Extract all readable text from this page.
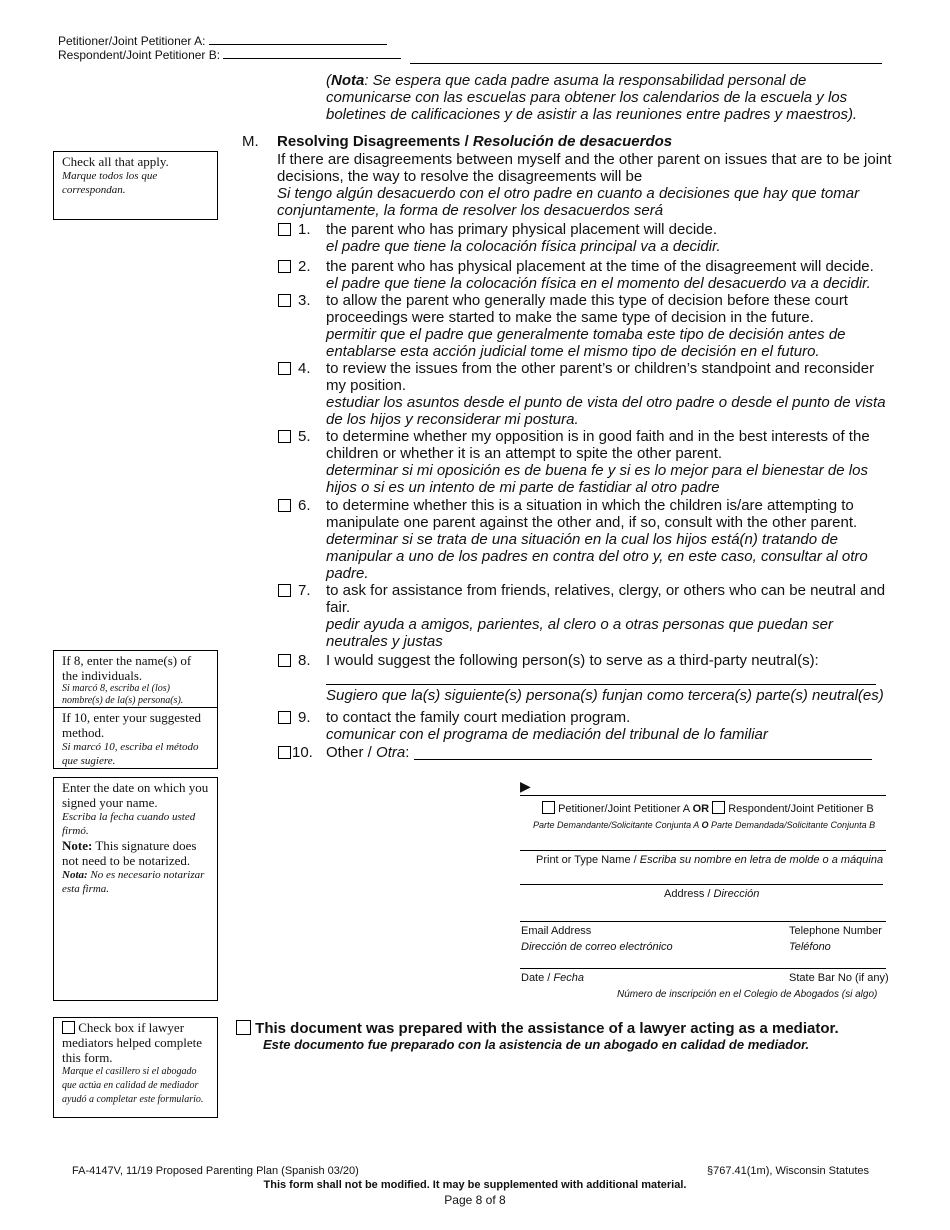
Petitioner/Joint Petitioner A:
Respondent/Joint Petitioner B:
(Nota: Se espera que cada padre asuma la responsabilidad personal de comunicarse con las escuelas para obtener los calendarios de la escuela y los boletines de calificaciones y de asistir a las reuniones entre padres y maestros).
Check all that apply.
Marque todos los que correspondan.
If 8, enter the name(s) of the individuals.
Si marcó 8, escriba el (los) nombre(s) de la(s) persona(s).
If 10, enter your suggested method.
Si marcó 10, escriba el método que sugiere.
Enter the date on which you signed your name.
Escriba la fecha cuando usted firmó.
Note: This signature does not need to be notarized.
Nota: No es necesario notarizar esta firma.
Check box if lawyer mediators helped complete this form.
Marque el casillero si el abogado que actúa en calidad de mediador ayudó a completar este formulario.
M. Resolving Disagreements / Resolución de desacuerdos
If there are disagreements between myself and the other parent on issues that are to be joint decisions, the way to resolve the disagreements will be
Si tengo algún desacuerdo con el otro padre en cuanto a decisiones que hay que tomar conjuntamente, la forma de resolver los desacuerdos será
1. the parent who has primary physical placement will decide.
el padre que tiene la colocación física principal va a decidir.
2. the parent who has physical placement at the time of the disagreement will decide.
el padre que tiene la colocación física en el momento del desacuerdo va a decidir.
3. to allow the parent who generally made this type of decision before these court proceedings were started to make the same type of decision in the future.
permitir que el padre que generalmente tomaba este tipo de decisión antes de entablarse esta acción judicial tome el mismo tipo de decisión en el futuro.
4. to review the issues from the other parent’s or children’s standpoint and reconsider my position.
estudiar los asuntos desde el punto de vista del otro padre o desde el punto de vista de los hijos y reconsiderar mi postura.
5. to determine whether my opposition is in good faith and in the best interests of the children or whether it is an attempt to spite the other parent.
determinar si mi oposición es de buena fe y si es lo mejor para el bienestar de los hijos o si es un intento de mi parte de fastidiar al otro padre
6. to determine whether this is a situation in which the children is/are attempting to manipulate one parent against the other and, if so, consult with the other parent.
determinar si se trata de una situación en la cual los hijos está(n) tratando de manipular a uno de los padres en contra del otro y, en este caso, consultar al otro padre.
7. to ask for assistance from friends, relatives, clergy, or others who can be neutral and fair.
pedir ayuda a amigos, parientes, al clero o a otras personas que puedan ser neutrales y justas
8. I would suggest the following person(s) to serve as a third-party neutral(s):
Sugiero que la(s) siguiente(s) persona(s) funjan como tercera(s) parte(s) neutral(es)
9. to contact the family court mediation program.
comunicar con el programa de mediación del tribunal de lo familiar
10. Other / Otra:
▶
Petitioner/Joint Petitioner A OR Respondent/Joint Petitioner B
Parte Demandante/Solicitante Conjunta A O Parte Demandada/Solicitante Conjunta B
Print or Type Name / Escriba su nombre en letra de molde o a máquina
Address / Dirección
Email Address
Dirección de correo electrónico
Telephone Number
Teléfono
Date / Fecha	State Bar No (if any)
Número de inscripción en el Colegio de Abogados (si algo)
This document was prepared with the assistance of a lawyer acting as a mediator.
Este documento fue preparado con la asistencia de un abogado en calidad de mediador.
FA-4147V, 11/19 Proposed Parenting Plan (Spanish 03/20)	§767.41(1m), Wisconsin Statutes
This form shall not be modified. It may be supplemented with additional material.
Page 8 of 8
